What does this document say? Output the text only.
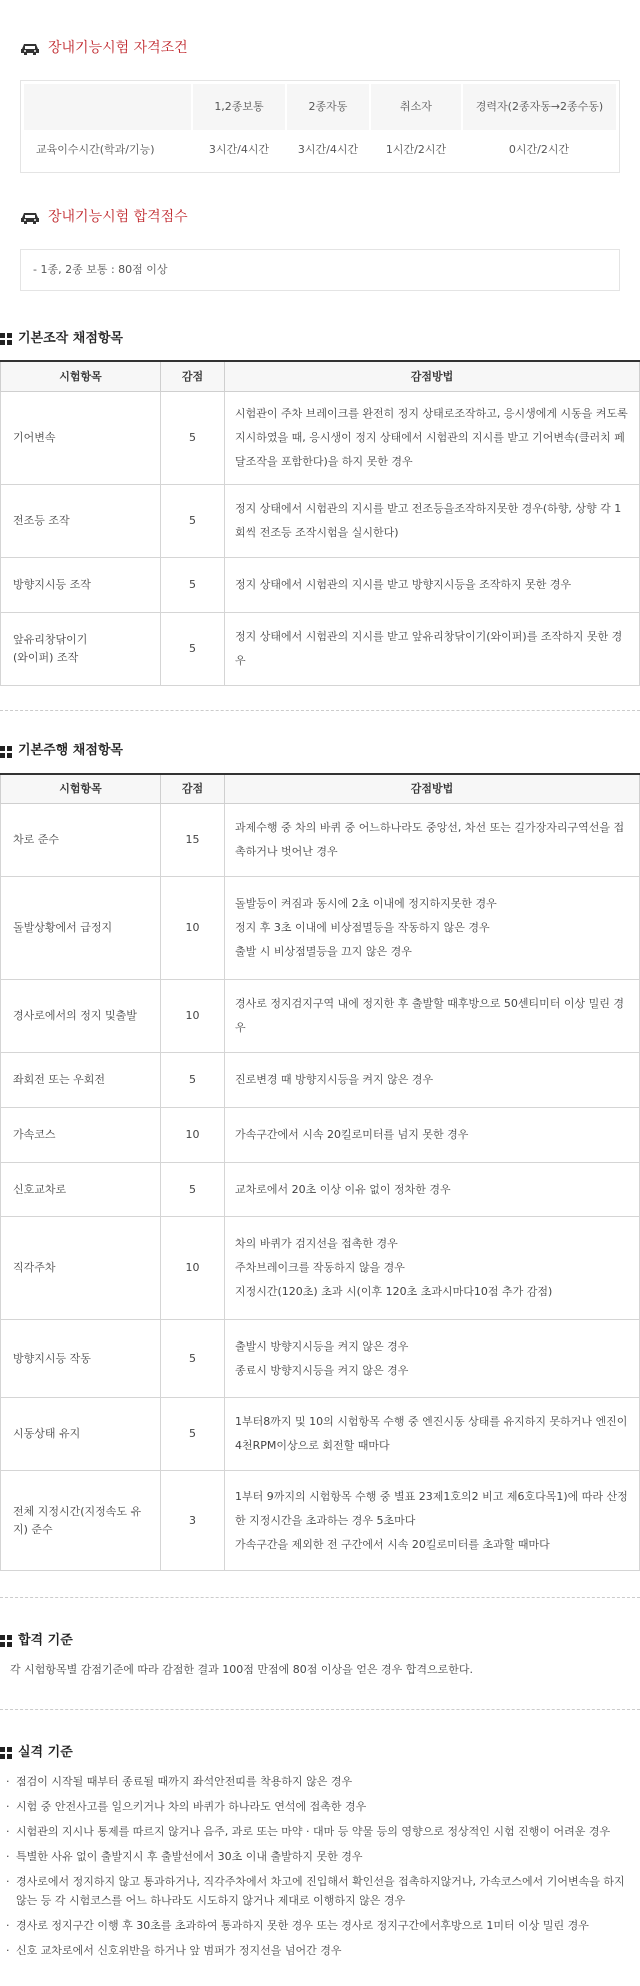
장내기능시험 자격조건
	1,2종보통	2종자동	취소자	경력자(2종자동→2종수동)
교육이수시간(학과/기능)	3시간/4시간	3시간/4시간	1시간/2시간	0시간/2시간
장내기능시험 합격점수
- 1종, 2종 보통 : 80점 이상
기본조작 채점항목
시험항목	감점	감점방법
기어변속	5	시험관이 주차 브레이크를 완전히 정지 상태로조작하고, 응시생에게 시동을 켜도록 지시하였을 때, 응시생이 정지 상태에서 시험관의 지시를 받고 기어변속(클러치 페달조작을 포함한다)을 하지 못한 경우

전조등 조작	5	정지 상태에서 시험관의 지시를 받고 전조등을조작하지못한 경우(하향, 상향 각 1회씩 전조등 조작시험을 실시한다)

방향지시등 조작	5	정지 상태에서 시험관의 지시를 받고 방향지시등을 조작하지 못한 경우

앞유리창닦이기
(와이퍼) 조작	5	정지 상태에서 시험관의 지시를 받고 앞유리창닦이기(와이퍼)를 조작하지 못한 경우

기본주행 채점항목
시험항목	감점	감점방법
차로 준수	15	과제수행 중 차의 바퀴 중 어느하나라도 중앙선, 차선 또는 길가장자리구역선을 접촉하거나 벗어난 경우

돌발상황에서 급정지	10	돌발등이 켜짐과 동시에 2초 이내에 정지하지못한 경우

정지 후 3초 이내에 비상점멸등을 작동하지 않은 경우

출발 시 비상점멸등을 끄지 않은 경우

경사로에서의 정지 및출발	10	경사로 정지검지구역 내에 정지한 후 출발할 때후방으로 50센티미터 이상 밀린 경우

좌회전 또는 우회전	5	진로변경 때 방향지시등을 켜지 않은 경우

가속코스	10	가속구간에서 시속 20킬로미터를 넘지 못한 경우

신호교차로	5	교차로에서 20초 이상 이유 없이 정차한 경우

직각주차	10	차의 바퀴가 검지선을 접촉한 경우

주차브레이크를 작동하지 않을 경우

지정시간(120초) 초과 시(이후 120초 초과시마다10점 추가 감점)

방향지시등 작동	5	출발시 방향지시등을 켜지 않은 경우

종료시 방향지시등을 켜지 않은 경우

시동상태 유지	5	1부터8까지 및 10의 시험항목 수행 중 엔진시동 상태를 유지하지 못하거나 엔진이 4천RPM이상으로 회전할 때마다

전체 지정시간(지정속도 유지) 준수	3	1부터 9까지의 시험항목 수행 중 별표 23제1호의2 비고 제6호다목1)에 따라 산정한 지정시간을 초과하는 경우 5초마다

가속구간을 제외한 전 구간에서 시속 20킬로미터를 초과할 때마다

합격 기준
각 시험항목별 감점기준에 따라 감점한 결과 100점 만점에 80점 이상을 얻은 경우 합격으로한다.
실격 기준
· 점검이 시작될 때부터 종료될 때까지 좌석안전띠를 착용하지 않은 경우
· 시험 중 안전사고를 일으키거나 차의 바퀴가 하나라도 연석에 접촉한 경우
· 시험관의 지시나 통제를 따르지 않거나 음주, 과로 또는 마약 · 대마 등 약물 등의 영향으로 정상적인 시험 진행이 어려운 경우
· 특별한 사유 없이 출발지시 후 출발선에서 30초 이내 출발하지 못한 경우
· 경사로에서 정지하지 않고 통과하거나, 직각주차에서 차고에 진입해서 확인선을 접촉하지않거나, 가속코스에서 기어변속을 하지 않는 등 각 시험코스를 어느 하나라도 시도하지 않거나 제대로 이행하지 않은 경우
· 경사로 정지구간 이행 후 30초를 초과하여 통과하지 못한 경우 또는 경사로 정지구간에서후방으로 1미터 이상 밀린 경우
· 신호 교차로에서 신호위반을 하거나 앞 범퍼가 정지선을 넘어간 경우
